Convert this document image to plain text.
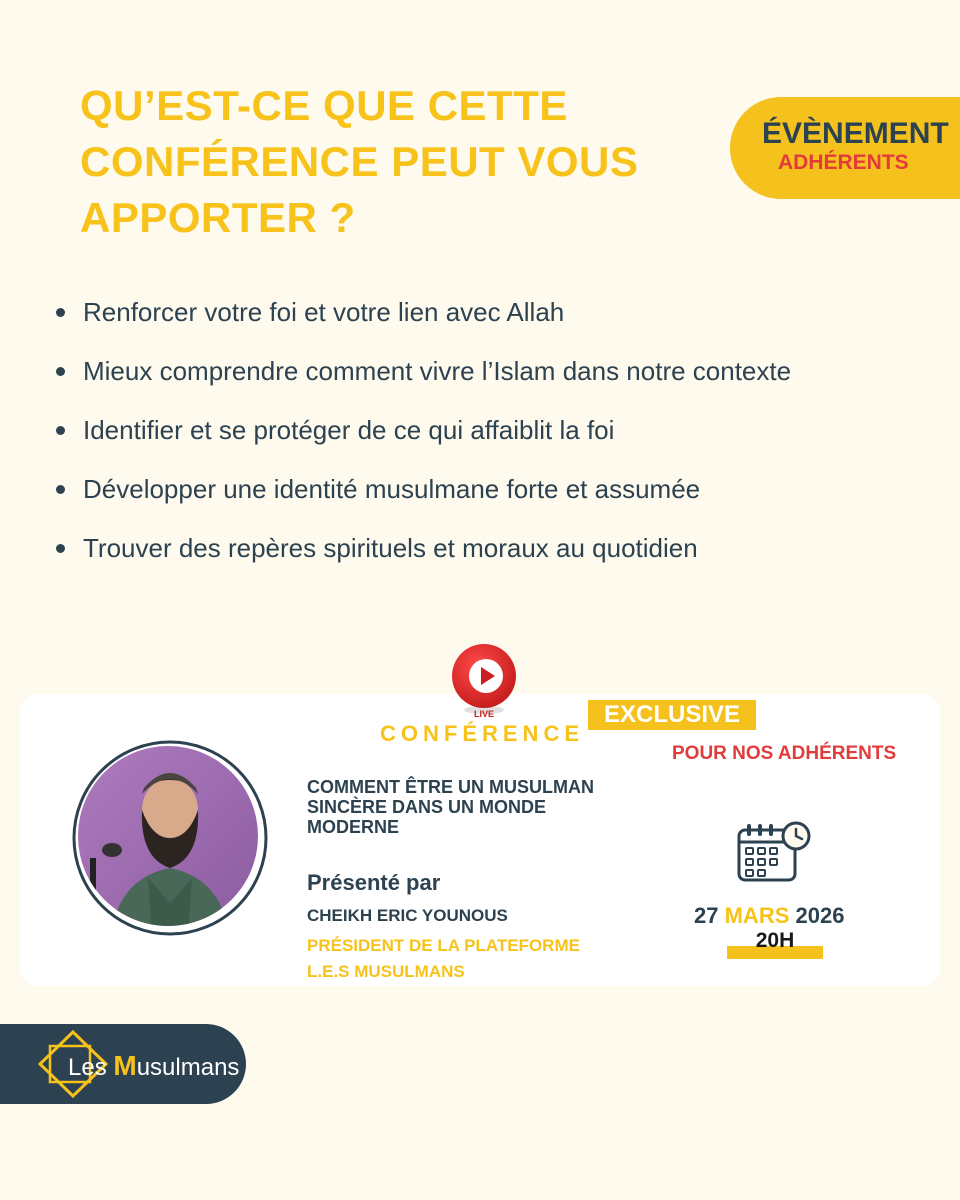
QU’EST-CE QUE CETTE
CONFÉRENCE PEUT VOUS
APPORTER ?
ÉVÈNEMENT
ADHÉRENTS
Renforcer votre foi et votre lien avec Allah
Mieux comprendre comment vivre l’Islam dans notre contexte
Identifier et se protéger de ce qui affaiblit la foi
Développer une identité musulmane forte et assumée
Trouver des repères spirituels et moraux au quotidien
LIVE
CONFÉRENCE
EXCLUSIVE
POUR NOS ADHÉRENTS
COMMENT ÊTRE UN MUSULMAN
SINCÈRE DANS UN MONDE
MODERNE
Présenté par
CHEIKH ERIC YOUNOUS
PRÉSIDENT DE LA PLATEFORME
L.E.S MUSULMANS
27 MARS 2026
20H
Les Musulmans
